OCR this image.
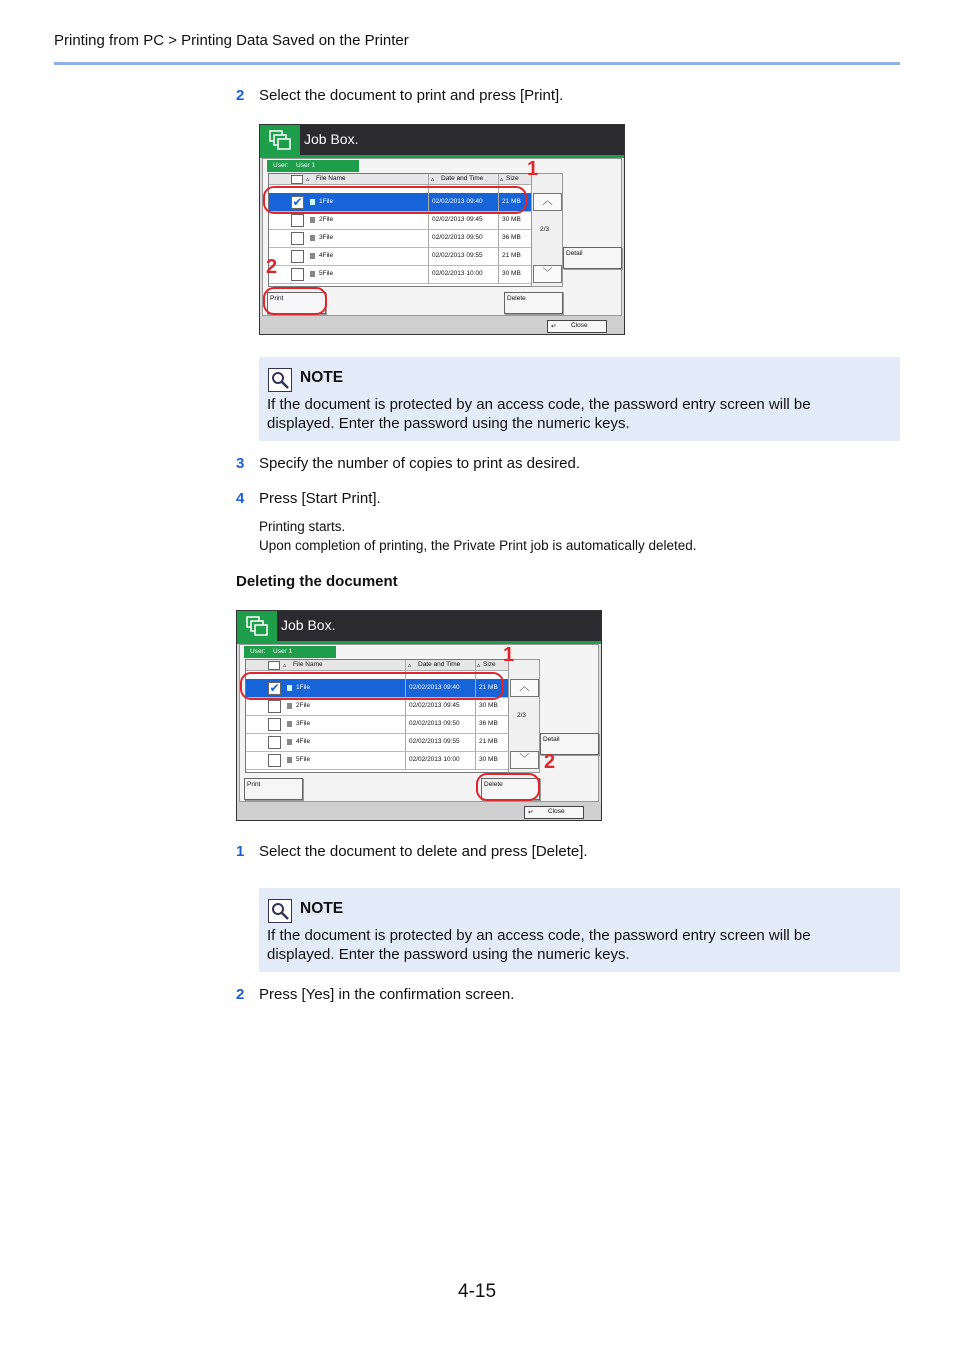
Printing from PC > Printing Data Saved on the Printer
2 Select the document to print and press [Print].
Job Box.
User: User 1
▵ File Name	▵ Date and Time	▵ Size
✔	1File	02/02/2013 09:40	21 MB
2File	02/02/2013 09:45	30 MB
3File	02/02/2013 09:50	36 MB
4File	02/02/2013 09:55	21 MB
5File	02/02/2013 10:00	30 MB
︿
2/3
﹀
Detail
Print	Delete
↵ Close
1
2
NOTE
If the document is protected by an access code, the password entry screen will be displayed. Enter the password using the numeric keys.
3 Specify the number of copies to print as desired.
4 Press [Start Print].
Printing starts.
Upon completion of printing, the Private Print job is automatically deleted.
Deleting the document
Job Box.
User: User 1
▵ File Name	▵ Date and Time	▵ Size
✔	1File	02/02/2013 09:40	21 MB
2File	02/02/2013 09:45	30 MB
3File	02/02/2013 09:50	36 MB
4File	02/02/2013 09:55	21 MB
5File	02/02/2013 10:00	30 MB
︿
2/3
﹀
Detail
Print	Delete
↵ Close
1
2
1 Select the document to delete and press [Delete].
NOTE
If the document is protected by an access code, the password entry screen will be displayed. Enter the password using the numeric keys.
2 Press [Yes] in the confirmation screen.
4-15
